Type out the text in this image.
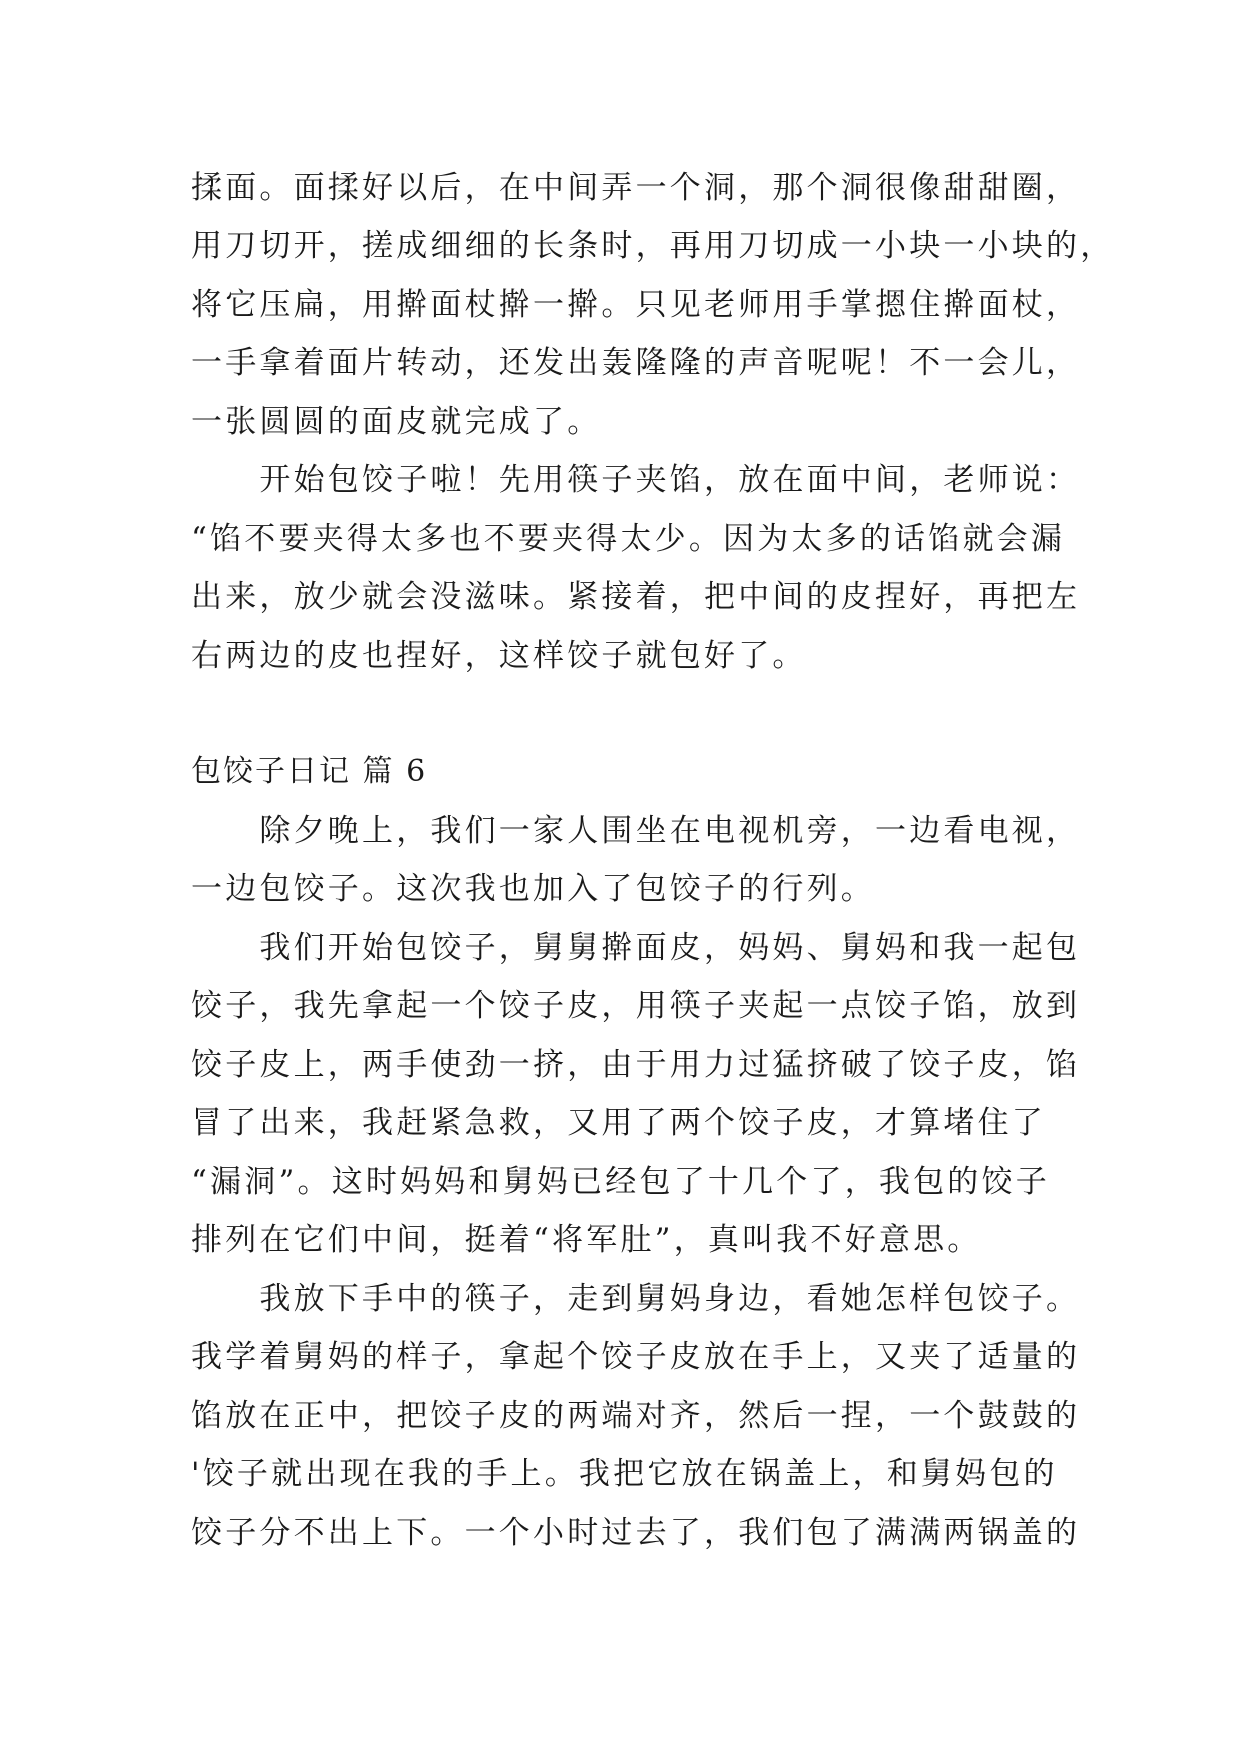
揉面。面揉好以后，在中间弄一个洞，那个洞很像甜甜圈，
用刀切开，搓成细细的长条时，再用刀切成一小块一小块的，
将它压扁，用擀面杖擀一擀。只见老师用手掌摁住擀面杖，
一手拿着面片转动，还发出轰隆隆的声音呢呢！不一会儿，
一张圆圆的面皮就完成了。
　　开始包饺子啦！先用筷子夹馅，放在面中间，老师说：
“馅不要夹得太多也不要夹得太少。因为太多的话馅就会漏
出来，放少就会没滋味。紧接着，把中间的皮捏好，再把左
右两边的皮也捏好，这样饺子就包好了。
包饺子日记 篇 6
　　除夕晚上，我们一家人围坐在电视机旁，一边看电视，
一边包饺子。这次我也加入了包饺子的行列。
　　我们开始包饺子，舅舅擀面皮，妈妈、舅妈和我一起包
饺子，我先拿起一个饺子皮，用筷子夹起一点饺子馅，放到
饺子皮上，两手使劲一挤，由于用力过猛挤破了饺子皮，馅
冒了出来，我赶紧急救，又用了两个饺子皮，才算堵住了
“漏洞”。这时妈妈和舅妈已经包了十几个了，我包的饺子
排列在它们中间，挺着“将军肚”，真叫我不好意思。
　　我放下手中的筷子，走到舅妈身边，看她怎样包饺子。
我学着舅妈的样子，拿起个饺子皮放在手上，又夹了适量的
馅放在正中，把饺子皮的两端对齐，然后一捏，一个鼓鼓的
'饺子就出现在我的手上。我把它放在锅盖上，和舅妈包的
饺子分不出上下。一个小时过去了，我们包了满满两锅盖的
